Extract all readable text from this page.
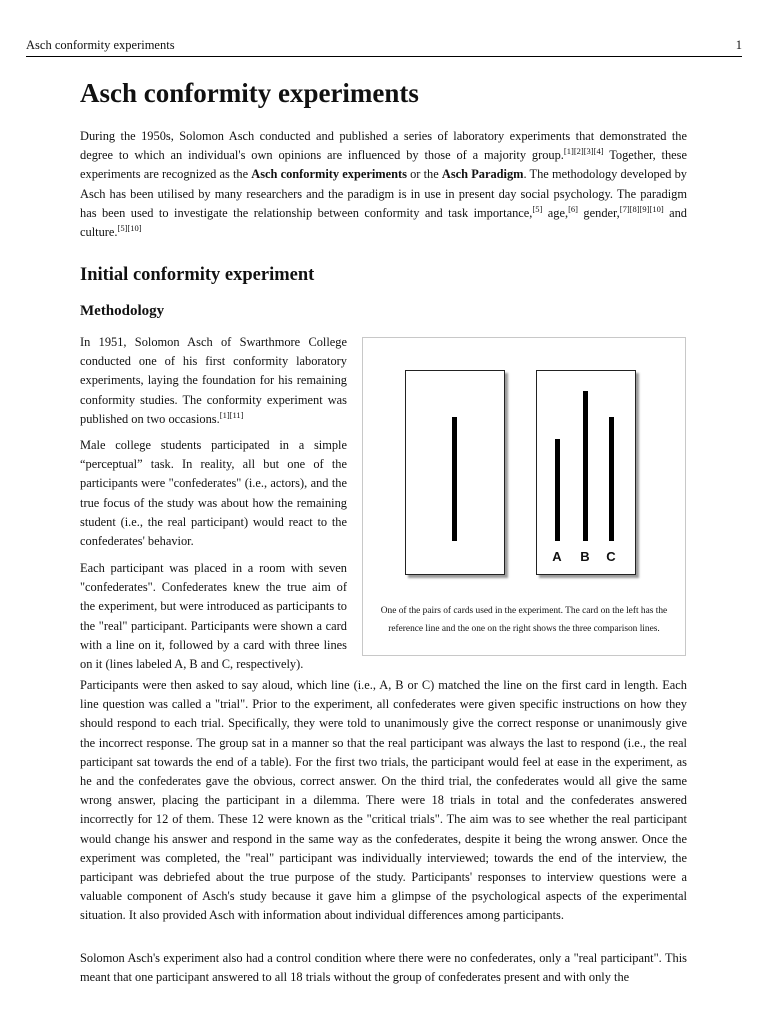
Asch conformity experiments	1
Asch conformity experiments

During the 1950s, Solomon Asch conducted and published a series of laboratory experiments that demonstrated the degree to which an individual's own opinions are influenced by those of a majority group.[1][2][3][4] Together, these experiments are recognized as the Asch conformity experiments or the Asch Paradigm. The methodology developed by Asch has been utilised by many researchers and the paradigm is in use in present day social psychology. The paradigm has been used to investigate the relationship between conformity and task importance,[5] age,[6] gender,[7][8][9][10] and culture.[5][10]

Initial conformity experiment
Methodology

In 1951, Solomon Asch of Swarthmore College conducted one of his first conformity laboratory experiments, laying the foundation for his remaining conformity studies. The conformity experiment was published on two occasions.[1][11]

Male college students participated in a simple “perceptual” task. In reality, all but one of the participants were "confederates" (i.e., actors), and the true focus of the study was about how the remaining student (i.e., the real participant) would react to the confederates' behavior.

Each participant was placed in a room with seven "confederates". Confederates knew the true aim of the experiment, but were introduced as participants to the "real" participant. Participants were shown a card with a line on it, followed by a card with three lines on it (lines labeled A, B and C, respectively).

A	B	C
One of the pairs of cards used in the experiment. The card on the left has the reference line and the one on the right shows the three comparison lines.

Participants were then asked to say aloud, which line (i.e., A, B or C) matched the line on the first card in length. Each line question was called a "trial". Prior to the experiment, all confederates were given specific instructions on how they should respond to each trial. Specifically, they were told to unanimously give the correct response or unanimously give the incorrect response. The group sat in a manner so that the real participant was always the last to respond (i.e., the real participant sat towards the end of a table). For the first two trials, the participant would feel at ease in the experiment, as he and the confederates gave the obvious, correct answer. On the third trial, the confederates would all give the same wrong answer, placing the participant in a dilemma. There were 18 trials in total and the confederates answered incorrectly for 12 of them. These 12 were known as the "critical trials". The aim was to see whether the real participant would change his answer and respond in the same way as the confederates, despite it being the wrong answer. Once the experiment was completed, the "real" participant was individually interviewed; towards the end of the interview, the participant was debriefed about the true purpose of the study. Participants' responses to interview questions were a valuable component of Asch's study because it gave him a glimpse of the psychological aspects of the experimental situation. It also provided Asch with information about individual differences among participants.

Solomon Asch's experiment also had a control condition where there were no confederates, only a "real participant". This meant that one participant answered to all 18 trials without the group of confederates present and with only the
